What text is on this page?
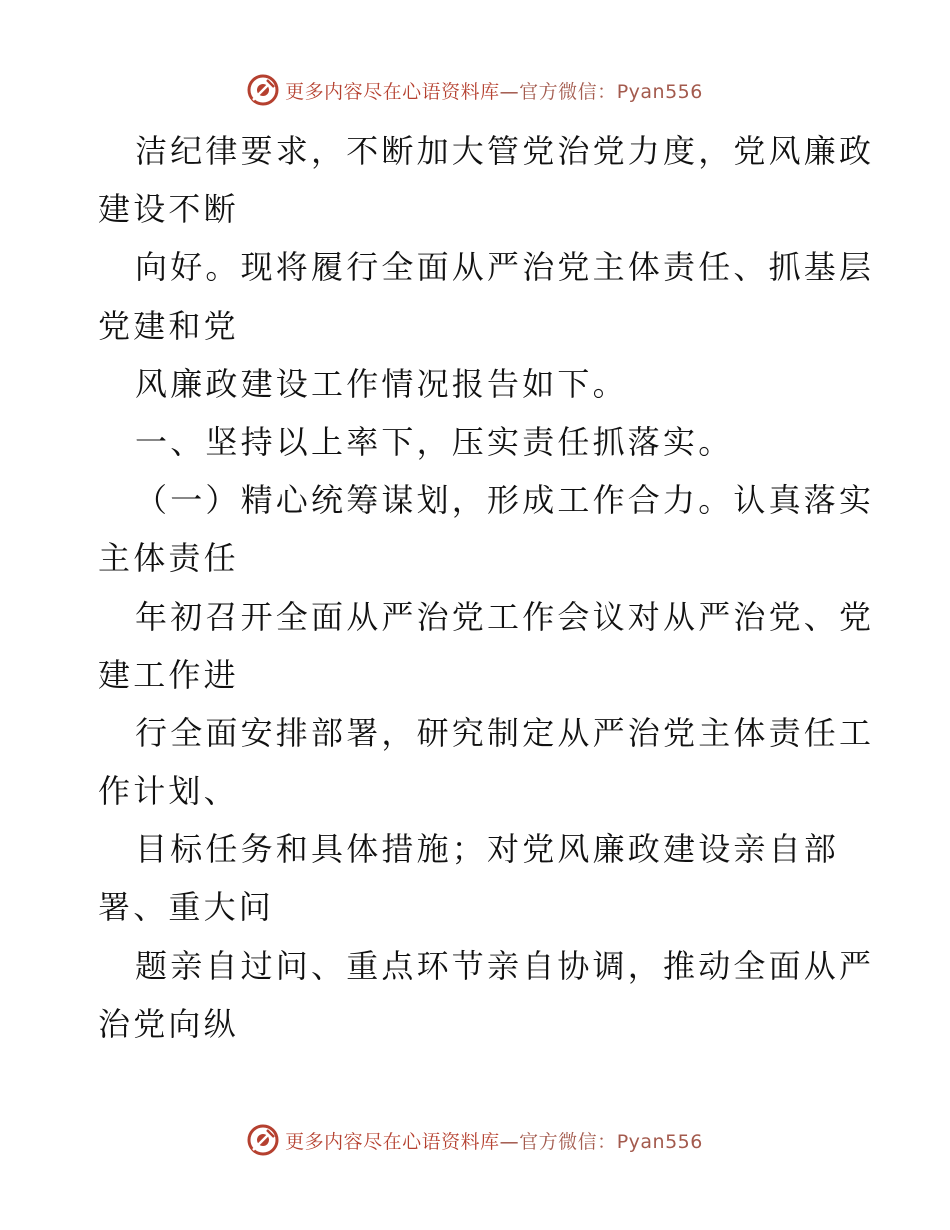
更多内容尽在心语资料库—官方微信：Pyan556
洁纪律要求，不断加大管党治党力度，党风廉政
建设不断
向好。现将履行全面从严治党主体责任、抓基层
党建和党
风廉政建设工作情况报告如下。
一、坚持以上率下，压实责任抓落实。
（一）精心统筹谋划，形成工作合力。认真落实
主体责任
年初召开全面从严治党工作会议对从严治党、党
建工作进
行全面安排部署，研究制定从严治党主体责任工
作计划、
目标任务和具体措施；对党风廉政建设亲自部
署、重大问
题亲自过问、重点环节亲自协调，推动全面从严
治党向纵
更多内容尽在心语资料库—官方微信：Pyan556
